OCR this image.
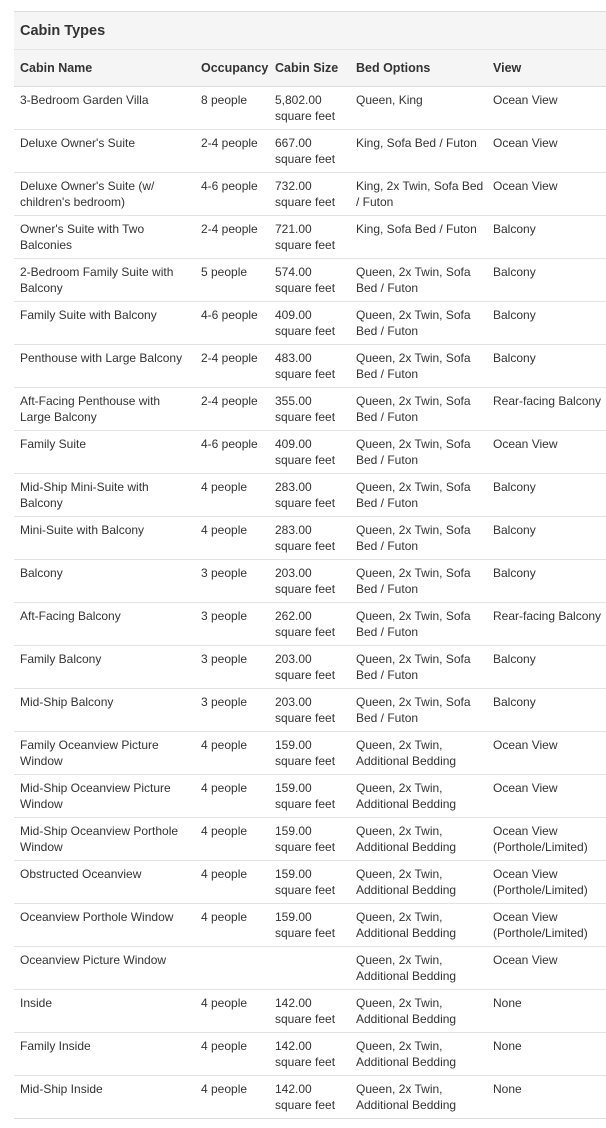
Cabin Types
Cabin Name	Occupancy	Cabin Size	Bed Options	View
3-Bedroom Garden Villa	8 people	5,802.00 square feet	Queen, King	Ocean View
Deluxe Owner's Suite	2-4 people	667.00 square feet	King, Sofa Bed / Futon	Ocean View
Deluxe Owner's Suite (w/ children's bedroom)	4-6 people	732.00 square feet	King, 2x Twin, Sofa Bed / Futon	Ocean View
Owner's Suite with Two Balconies	2-4 people	721.00 square feet	King, Sofa Bed / Futon	Balcony
2-Bedroom Family Suite with Balcony	5 people	574.00 square feet	Queen, 2x Twin, Sofa Bed / Futon	Balcony
Family Suite with Balcony	4-6 people	409.00 square feet	Queen, 2x Twin, Sofa Bed / Futon	Balcony
Penthouse with Large Balcony	2-4 people	483.00 square feet	Queen, 2x Twin, Sofa Bed / Futon	Balcony
Aft-Facing Penthouse with Large Balcony	2-4 people	355.00 square feet	Queen, 2x Twin, Sofa Bed / Futon	Rear-facing Balcony
Family Suite	4-6 people	409.00 square feet	Queen, 2x Twin, Sofa Bed / Futon	Ocean View
Mid-Ship Mini-Suite with Balcony	4 people	283.00 square feet	Queen, 2x Twin, Sofa Bed / Futon	Balcony
Mini-Suite with Balcony	4 people	283.00 square feet	Queen, 2x Twin, Sofa Bed / Futon	Balcony
Balcony	3 people	203.00 square feet	Queen, 2x Twin, Sofa Bed / Futon	Balcony
Aft-Facing Balcony	3 people	262.00 square feet	Queen, 2x Twin, Sofa Bed / Futon	Rear-facing Balcony
Family Balcony	3 people	203.00 square feet	Queen, 2x Twin, Sofa Bed / Futon	Balcony
Mid-Ship Balcony	3 people	203.00 square feet	Queen, 2x Twin, Sofa Bed / Futon	Balcony
Family Oceanview Picture Window	4 people	159.00 square feet	Queen, 2x Twin, Additional Bedding	Ocean View
Mid-Ship Oceanview Picture Window	4 people	159.00 square feet	Queen, 2x Twin, Additional Bedding	Ocean View
Mid-Ship Oceanview Porthole Window	4 people	159.00 square feet	Queen, 2x Twin, Additional Bedding	Ocean View (Porthole/Limited)
Obstructed Oceanview	4 people	159.00 square feet	Queen, 2x Twin, Additional Bedding	Ocean View (Porthole/Limited)
Oceanview Porthole Window	4 people	159.00 square feet	Queen, 2x Twin, Additional Bedding	Ocean View (Porthole/Limited)
Oceanview Picture Window			Queen, 2x Twin, Additional Bedding	Ocean View
Inside	4 people	142.00 square feet	Queen, 2x Twin, Additional Bedding	None
Family Inside	4 people	142.00 square feet	Queen, 2x Twin, Additional Bedding	None
Mid-Ship Inside	4 people	142.00 square feet	Queen, 2x Twin, Additional Bedding	None
